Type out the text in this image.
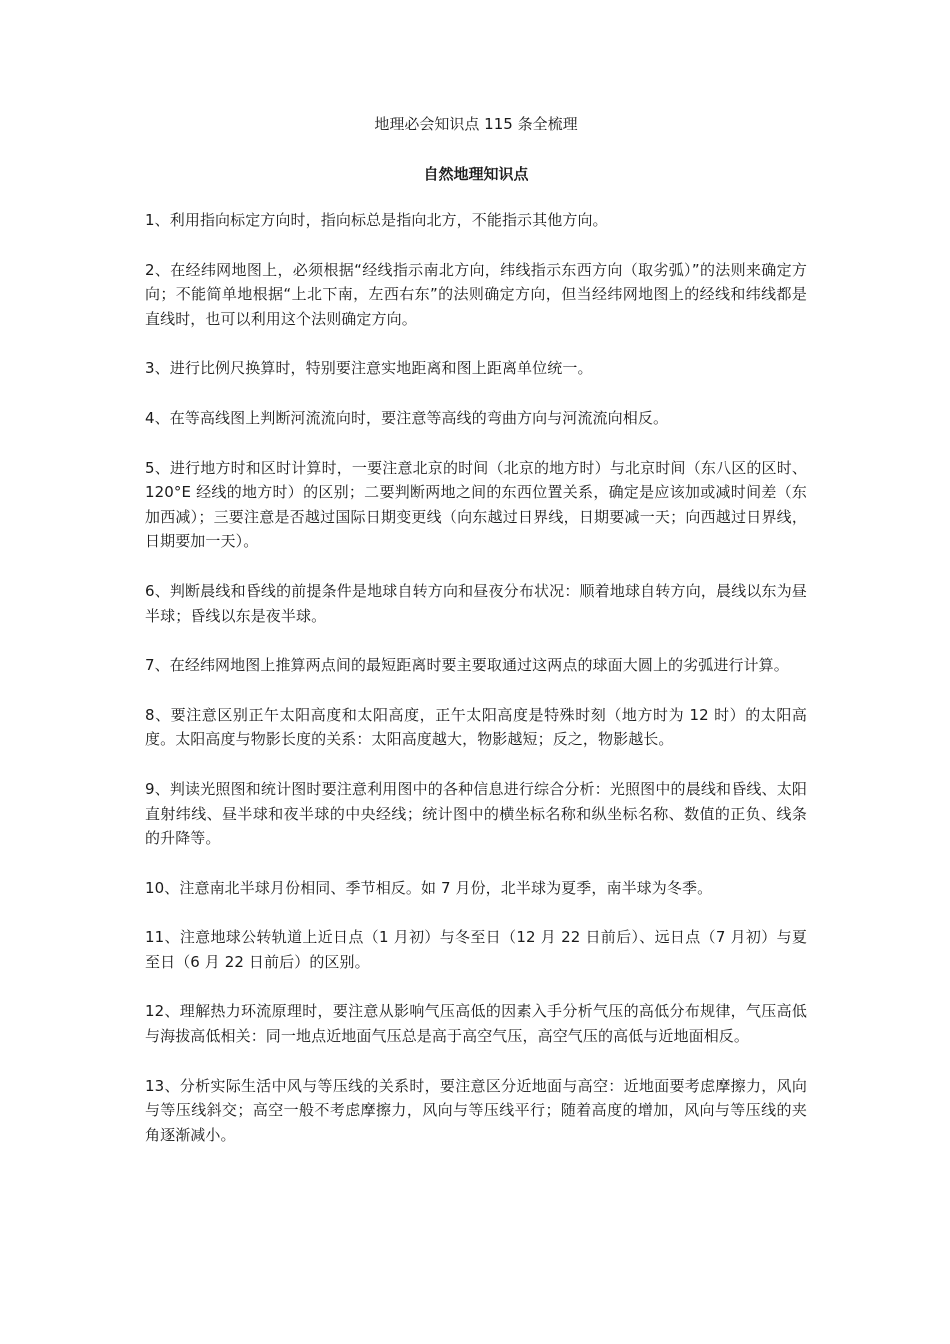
地理必会知识点 115 条全梳理
自然地理知识点

1、利用指向标定方向时，指向标总是指向北方，不能指示其他方向。

2、在经纬网地图上，必须根据“经线指示南北方向，纬线指示东西方向（取劣弧）”的法则来确定方向；不能简单地根据“上北下南，左西右东”的法则确定方向，但当经纬网地图上的经线和纬线都是直线时，也可以利用这个法则确定方向。

3、进行比例尺换算时，特别要注意实地距离和图上距离单位统一。

4、在等高线图上判断河流流向时，要注意等高线的弯曲方向与河流流向相反。

5、进行地方时和区时计算时，一要注意北京的时间（北京的地方时）与北京时间（东八区的区时、120°E 经线的地方时）的区别；二要判断两地之间的东西位置关系，确定是应该加或减时间差（东加西减）；三要注意是否越过国际日期变更线（向东越过日界线，日期要减一天；向西越过日界线，日期要加一天）。

6、判断晨线和昏线的前提条件是地球自转方向和昼夜分布状况：顺着地球自转方向，晨线以东为昼半球；昏线以东是夜半球。

7、在经纬网地图上推算两点间的最短距离时要主要取通过这两点的球面大圆上的劣弧进行计算。

8、要注意区别正午太阳高度和太阳高度，正午太阳高度是特殊时刻（地方时为 12 时）的太阳高度。太阳高度与物影长度的关系：太阳高度越大，物影越短；反之，物影越长。

9、判读光照图和统计图时要注意利用图中的各种信息进行综合分析：光照图中的晨线和昏线、太阳直射纬线、昼半球和夜半球的中央经线；统计图中的横坐标名称和纵坐标名称、数值的正负、线条的升降等。

10、注意南北半球月份相同、季节相反。如 7 月份，北半球为夏季，南半球为冬季。

11、注意地球公转轨道上近日点（1 月初）与冬至日（12 月 22 日前后）、远日点（7 月初）与夏至日（6 月 22 日前后）的区别。

12、理解热力环流原理时，要注意从影响气压高低的因素入手分析气压的高低分布规律，气压高低与海拔高低相关：同一地点近地面气压总是高于高空气压，高空气压的高低与近地面相反。

13、分析实际生活中风与等压线的关系时，要注意区分近地面与高空：近地面要考虑摩擦力，风向与等压线斜交；高空一般不考虑摩擦力，风向与等压线平行；随着高度的增加，风向与等压线的夹角逐渐减小。
